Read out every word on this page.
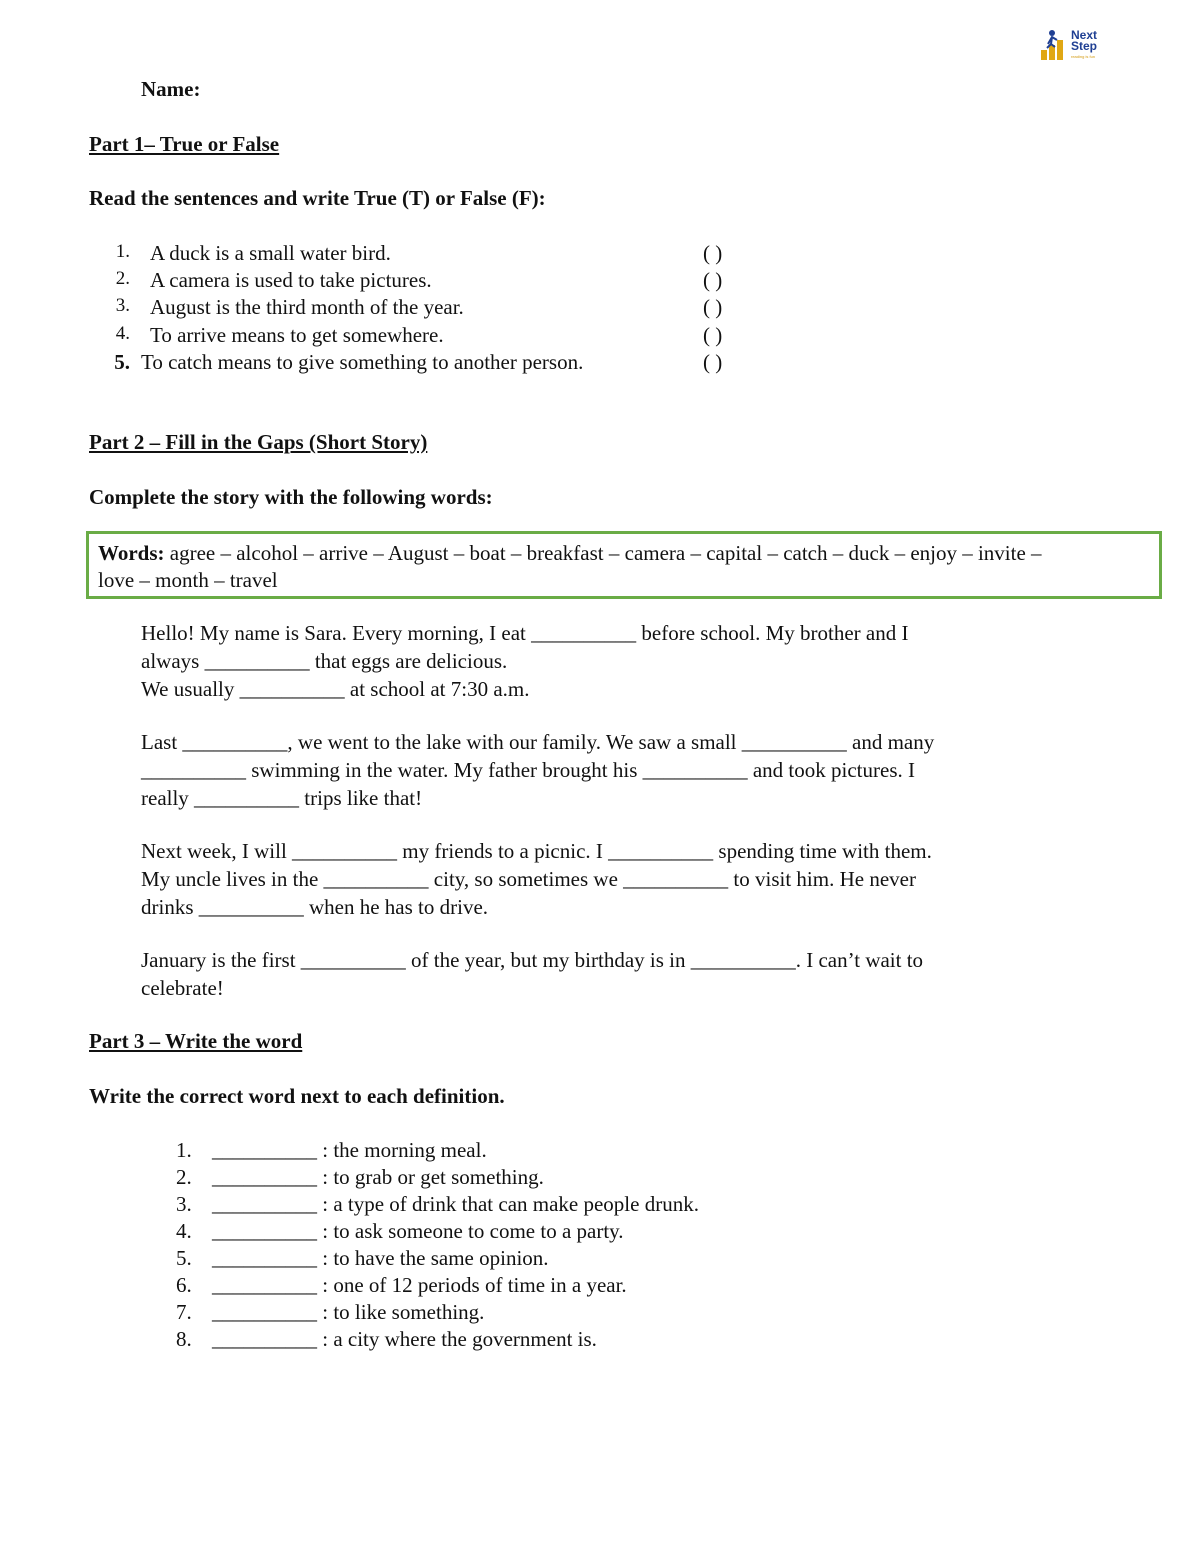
Next
Step
reading is fun
Name:
Part 1– True or False
Read the sentences and write True (T) or False (F):
1. A duck is a small water bird.	( )
2. A camera is used to take pictures.	( )
3. August is the third month of the year.	( )
4. To arrive means to get somewhere.	( )
5. To catch means to give something to another person.	( )
Part 2 – Fill in the Gaps (Short Story)
Complete the story with the following words:
Words: agree – alcohol – arrive – August – boat – breakfast – camera – capital – catch – duck – enjoy – invite –
love – month – travel
Hello! My name is Sara. Every morning, I eat __________ before school. My brother and I
always __________ that eggs are delicious.
We usually __________ at school at 7:30 a.m.
Last __________, we went to the lake with our family. We saw a small __________ and many
__________ swimming in the water. My father brought his __________ and took pictures. I
really __________ trips like that!
Next week, I will __________ my friends to a picnic. I __________ spending time with them.
My uncle lives in the __________ city, so sometimes we __________ to visit him. He never
drinks __________ when he has to drive.
January is the first __________ of the year, but my birthday is in __________. I can’t wait to
celebrate!
Part 3 – Write the word
Write the correct word next to each definition.
1. __________ : the morning meal.
2. __________ : to grab or get something.
3. __________ : a type of drink that can make people drunk.
4. __________ : to ask someone to come to a party.
5. __________ : to have the same opinion.
6. __________ : one of 12 periods of time in a year.
7. __________ : to like something.
8. __________ : a city where the government is.
